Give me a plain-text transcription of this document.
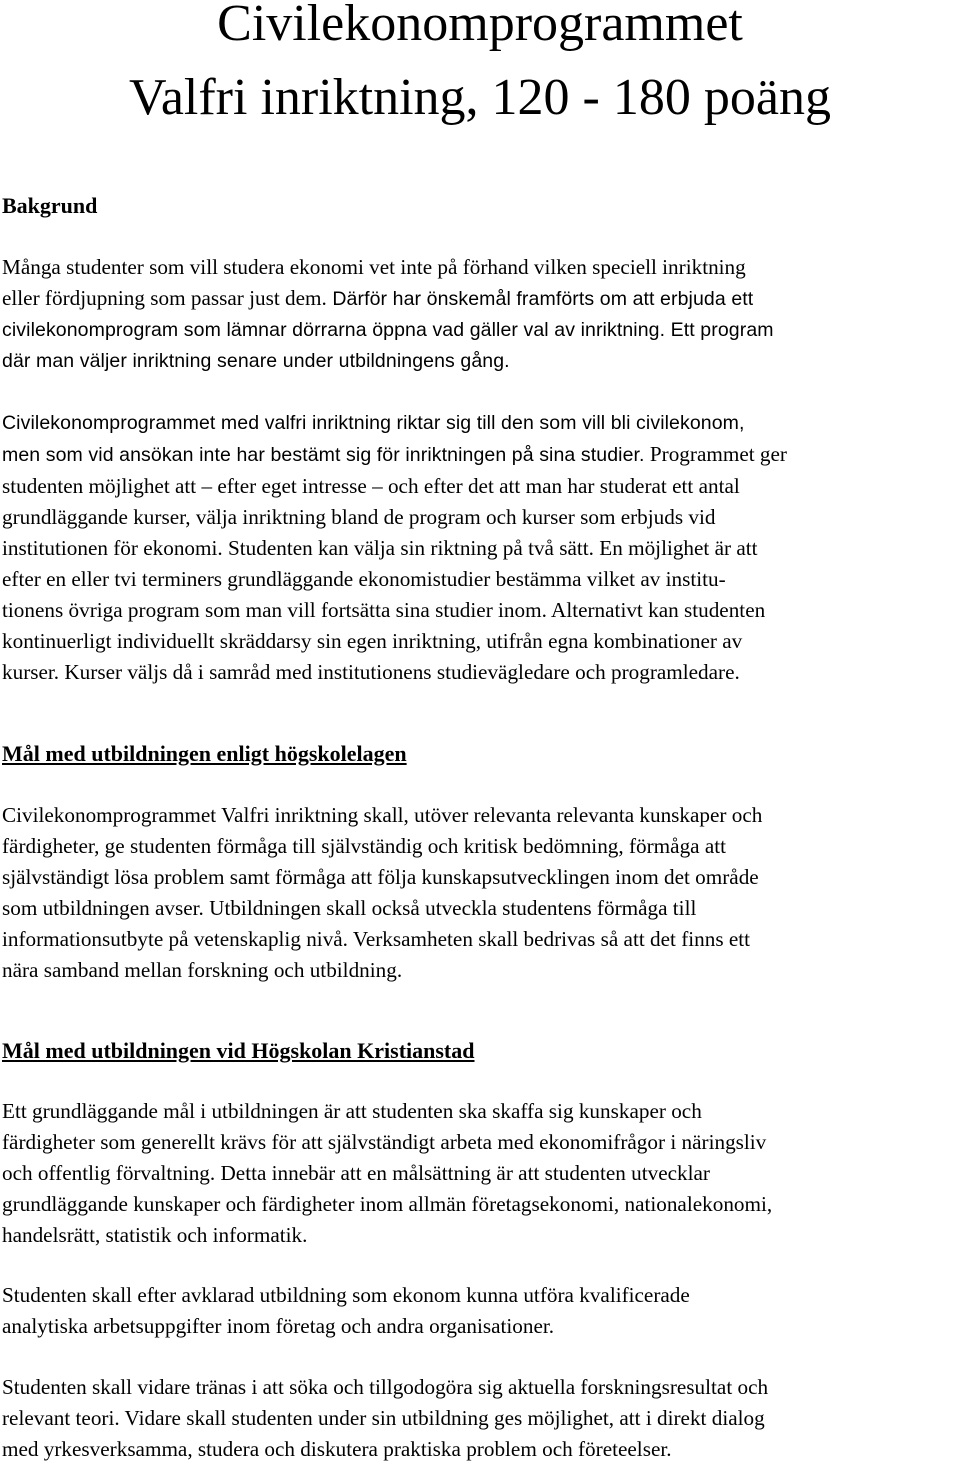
Civilekonomprogrammet
Valfri inriktning, 120 - 180 poäng
Bakgrund

Många studenter som vill studera ekonomi vet inte på förhand vilken speciell inriktning
eller fördjupning som passar just dem. Därför har önskemål framförts om att erbjuda ett
civilekonomprogram som lämnar dörrarna öppna vad gäller val av inriktning. Ett program
där man väljer inriktning senare under utbildningens gång.

Civilekonomprogrammet med valfri inriktning riktar sig till den som vill bli civilekonom,
men som vid ansökan inte har bestämt sig för inriktningen på sina studier. Programmet ger
studenten möjlighet att – efter eget intresse – och efter det att man har studerat ett antal
grundläggande kurser, välja inriktning bland de program och kurser som erbjuds vid
institutionen för ekonomi. Studenten kan välja sin riktning på två sätt. En möjlighet är att
efter en eller tvi terminers grundläggande ekonomistudier bestämma vilket av institu-
tionens övriga program som man vill fortsätta sina studier inom. Alternativt kan studenten
kontinuerligt individuellt skräddarsy sin egen inriktning, utifrån egna kombinationer av
kurser. Kurser väljs då i samråd med institutionens studievägledare och programledare.

Mål med utbildningen enligt högskolelagen

Civilekonomprogrammet Valfri inriktning skall, utöver relevanta relevanta kunskaper och
färdigheter, ge studenten förmåga till självständig och kritisk bedömning, förmåga att
självständigt lösa problem samt förmåga att följa kunskapsutvecklingen inom det område
som utbildningen avser. Utbildningen skall också utveckla studentens förmåga till
informationsutbyte på vetenskaplig nivå. Verksamheten skall bedrivas så att det finns ett
nära samband mellan forskning och utbildning.

Mål med utbildningen vid Högskolan Kristianstad

Ett grundläggande mål i utbildningen är att studenten ska skaffa sig kunskaper och
färdigheter som generellt krävs för att självständigt arbeta med ekonomifrågor i näringsliv
och offentlig förvaltning. Detta innebär att en målsättning är att studenten utvecklar
grundläggande kunskaper och färdigheter inom allmän företagsekonomi, nationalekonomi,
handelsrätt, statistik och informatik.

Studenten skall efter avklarad utbildning som ekonom kunna utföra kvalificerade
analytiska arbetsuppgifter inom företag och andra organisationer.

Studenten skall vidare tränas i att söka och tillgodogöra sig aktuella forskningsresultat och
relevant teori. Vidare skall studenten under sin utbildning ges möjlighet, att i direkt dialog
med yrkesverksamma, studera och diskutera praktiska problem och företeelser.
